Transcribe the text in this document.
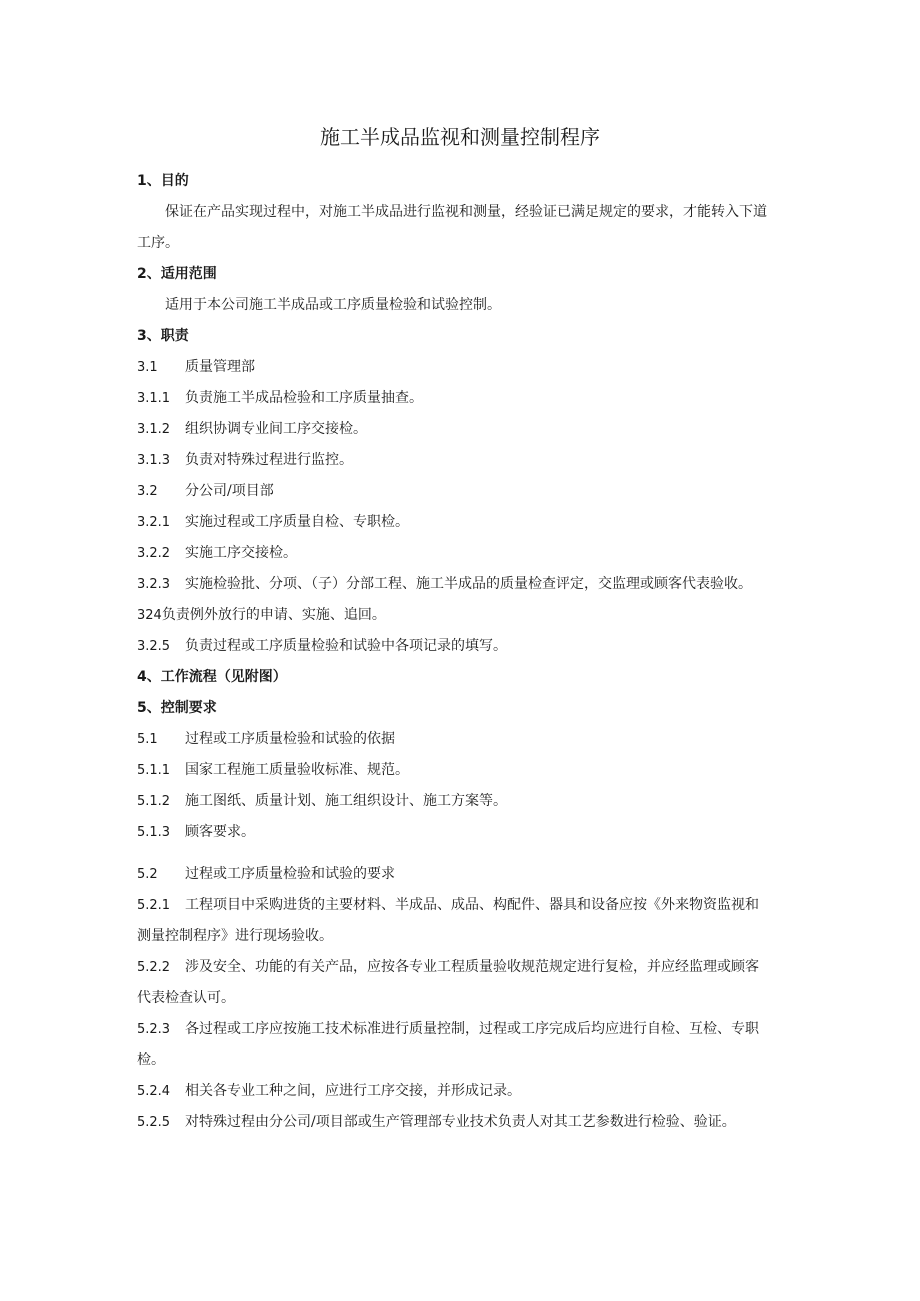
施工半成品监视和测量控制程序
1、目的
保证在产品实现过程中，对施工半成品进行监视和测量，经验证已满足规定的要求，才能转入下道
工序。
2、适用范围
适用于本公司施工半成品或工序质量检验和试验控制。
3、职责
3.1 质量管理部
3.1.1 负责施工半成品检验和工序质量抽查。
3.1.2 组织协调专业间工序交接检。
3.1.3 负责对特殊过程进行监控。
3.2 分公司/项目部
3.2.1 实施过程或工序质量自检、专职检。
3.2.2 实施工序交接检。
3.2.3 实施检验批、分项、（子）分部工程、施工半成品的质量检查评定，交监理或顾客代表验收。
324负责例外放行的申请、实施、追回。
3.2.5 负责过程或工序质量检验和试验中各项记录的填写。
4、工作流程（见附图）
5、控制要求
5.1 过程或工序质量检验和试验的依据
5.1.1 国家工程施工质量验收标准、规范。
5.1.2 施工图纸、质量计划、施工组织设计、施工方案等。
5.1.3 顾客要求。
5.2 过程或工序质量检验和试验的要求
5.2.1 工程项目中采购进货的主要材料、半成品、成品、构配件、器具和设备应按《外来物资监视和
测量控制程序》进行现场验收。
5.2.2 涉及安全、功能的有关产品，应按各专业工程质量验收规范规定进行复检，并应经监理或顾客
代表检查认可。
5.2.3 各过程或工序应按施工技术标准进行质量控制，过程或工序完成后均应进行自检、互检、专职
检。
5.2.4 相关各专业工种之间，应进行工序交接，并形成记录。
5.2.5 对特殊过程由分公司/项目部或生产管理部专业技术负责人对其工艺参数进行检验、验证。
